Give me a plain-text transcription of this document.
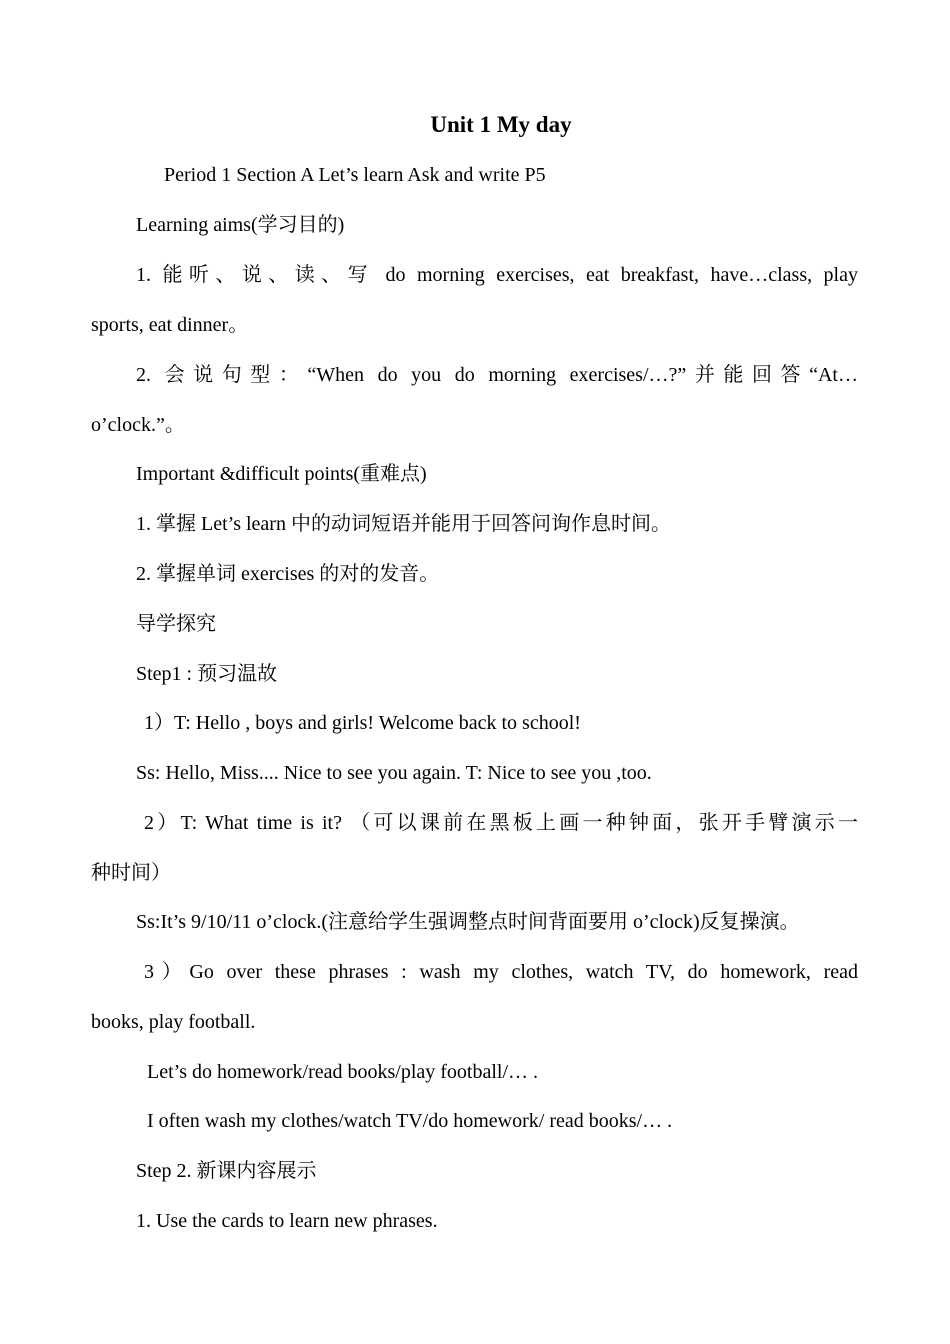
Unit 1 My day
Period 1 Section A Let’s learn Ask and write P5
Learning aims(学习目的)
1. 能听、说、读、写 do morning exercises, eat breakfast, have…class, play
sports, eat dinner。
2. 会说句型：“When do you do morning exercises/…?”并能回答“At…
o’clock.”。
Important &difficult points(重难点)
1. 掌握 Let’s learn 中的动词短语并能用于回答问询作息时间。
2. 掌握单词 exercises 的对的发音。
导学探究
Step1 : 预习温故
1）T: Hello , boys and girls! Welcome back to school!
Ss: Hello, Miss.... Nice to see you again. T: Nice to see you ,too.
2）T: What time is it? （可以课前在黑板上画一种钟面，张开手臂演示一
种时间）
Ss:It’s 9/10/11 o’clock.(注意给学生强调整点时间背面要用 o’clock)反复操演。
3）Go over these phrases : wash my clothes, watch TV, do homework, read
books, play football.
Let’s do homework/read books/play football/… .
I often wash my clothes/watch TV/do homework/ read books/… .
Step 2. 新课内容展示
1. Use the cards to learn new phrases.
